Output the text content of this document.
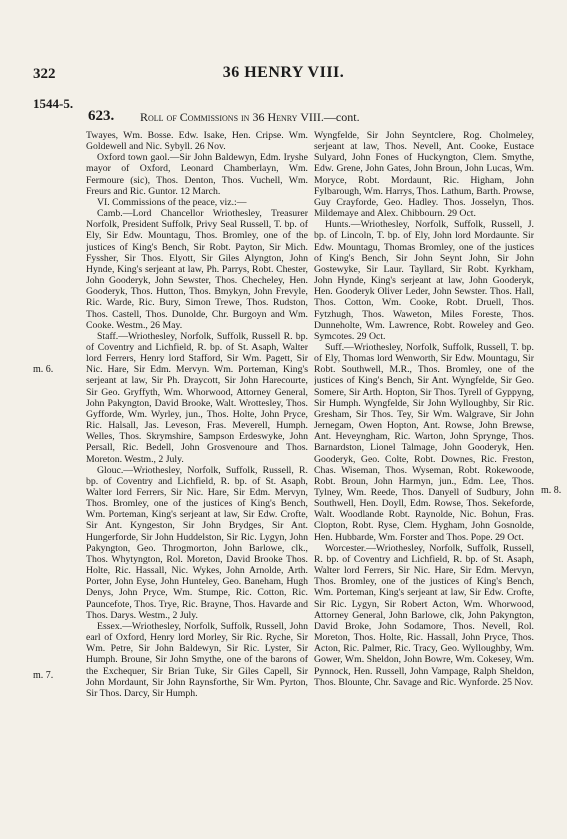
322	36 HENRY VIII.
1544-5.
623. Roll of Commissions in 36 Henry VIII.—cont.
m. 6.
m. 7.
m. 8.

Twayes, Wm. Bosse. Edw. Isake, Hen. Cripse. Wm. Goldewell and Nic. Sybyll. 26 Nov.

Oxford town gaol.—Sir John Baldewyn, Edm. Iryshe mayor of Oxford, Leonard Chamberlayn, Wm. Fermoure (sic), Thos. Denton, Thos. Vuchell, Wm. Freurs and Ric. Guntor. 12 March.

VI. Commissions of the peace, viz.:—

Camb.—Lord Chancellor Wriothesley, Treasurer Norfolk, President Suffolk, Privy Seal Russell, T. bp. of Ely, Sir Edw. Mountagu, Thos. Bromley, one of the justices of King's Bench, Sir Robt. Payton, Sir Mich. Fyssher, Sir Thos. Elyott, Sir Giles Alyngton, John Hynde, King's serjeant at law, Ph. Parrys, Robt. Chester, John Gooderyk, John Sewster, Thos. Checheley, Hen. Gooderyk, Thos. Hutton, Thos. Bmykyn, John Frevyle, Ric. Warde, Ric. Bury, Simon Trewe, Thos. Rudston, Thos. Castell, Thos. Dunolde, Chr. Burgoyn and Wm. Cooke. Westm., 26 May.

Staff.—Wriothesley, Norfolk, Suffolk, Russell R. bp. of Coventry and Lichfield, R. bp. of St. Asaph, Walter lord Ferrers, Henry lord Stafford, Sir Wm. Pagett, Sir Nic. Hare, Sir Edm. Mervyn. Wm. Porteman, King's serjeant at law, Sir Ph. Draycott, Sir John Harecourte, Sir Geo. Gryffyth, Wm. Whorwood, Attorney General, John Pakyngton, David Brooke, Walt. Wrottesley, Thos. Gyfforde, Wm. Wyrley, jun., Thos. Holte, John Pryce, Ric. Halsall, Jas. Leveson, Fras. Meverell, Humph. Welles, Thos. Skrymshire, Sampson Erdeswyke, John Persall, Ric. Bedell, John Grosvenoure and Thos. Moreton. Westm., 2 July.

Glouc.—Wriothesley, Norfolk, Suffolk, Russell, R. bp. of Coventry and Lichfield, R. bp. of St. Asaph, Walter lord Ferrers, Sir Nic. Hare, Sir Edm. Mervyn, Thos. Bromley, one of the justices of King's Bench, Wm. Porteman, King's serjeant at law, Sir Edw. Crofte, Sir Ant. Kyngeston, Sir John Brydges, Sir Ant. Hungerforde, Sir John Huddelston, Sir Ric. Lygyn, John Pakyngton, Geo. Throgmorton, John Barlowe, clk., Thos. Whytyngton, Rol. Moreton, David Brooke Thos. Holte, Ric. Hassall, Nic. Wykes, John Arnolde, Arth. Porter, John Eyse, John Hunteley, Geo. Baneham, Hugh Denys, John Pryce, Wm. Stumpe, Ric. Cotton, Ric. Pauncefote, Thos. Trye, Ric. Brayne, Thos. Havarde and Thos. Darys. Westm., 2 July.

Essex.—Wriothesley, Norfolk, Suffolk, Russell, John earl of Oxford, Henry lord Morley, Sir Ric. Ryche, Sir Wm. Petre, Sir John Baldewyn, Sir Ric. Lyster, Sir Humph. Broune, Sir John Smythe, one of the barons of the Exchequer, Sir Brian Tuke, Sir Giles Capell, Sir John Mordaunt, Sir John Raynsforthe, Sir Wm. Pyrton, Sir Thos. Darcy, Sir Humph.

Wyngfelde, Sir John Seyntclere, Rog. Cholmeley, serjeant at law, Thos. Nevell, Ant. Cooke, Eustace Sulyard, John Fones of Huckyngton, Clem. Smythe, Edw. Grene, John Gates, John Broun, John Lucas, Wm. Moryce, Robt. Mordaunt, Ric. Higham, John Fylbarough, Wm. Harrys, Thos. Lathum, Barth. Prowse, Guy Crayforde, Geo. Hadley. Thos. Josselyn, Thos. Mildemaye and Alex. Chibbourn. 29 Oct.

Hunts.—Wriothesley, Norfolk, Suffolk, Russell, J. bp. of Lincoln, T. bp. of Ely, John lord Mordaunte. Sir Edw. Mountagu, Thomas Bromley, one of the justices of King's Bench, Sir John Seynt John, Sir John Gostewyke, Sir Laur. Tayllard, Sir Robt. Kyrkham, John Hynde, King's serjeant at law, John Gooderyk, Hen. Gooderyk Oliver Leder, John Sewster. Thos. Hall, Thos. Cotton, Wm. Cooke, Robt. Druell, Thos. Fytzhugh, Thos. Waweton, Miles Foreste, Thos. Dunneholte, Wm. Lawrence, Robt. Roweley and Geo. Symcotes. 29 Oct.

Suff.—Wriothesley, Norfolk, Suffolk, Russell, T. bp. of Ely, Thomas lord Wenworth, Sir Edw. Mountagu, Sir Robt. Southwell, M.R., Thos. Bromley, one of the justices of King's Bench, Sir Ant. Wyngfelde, Sir Geo. Somere, Sir Arth. Hopton, Sir Thos. Tyrell of Gyppyng, Sir Humph. Wyngfelde, Sir John Wylloughby, Sir Ric. Gresham, Sir Thos. Tey, Sir Wm. Walgrave, Sir John Jernegam, Owen Hopton, Ant. Rowse, John Brewse, Ant. Heveyngham, Ric. Warton, John Sprynge, Thos. Barnardston, Lionel Talmage, John Gooderyk, Hen. Gooderyk, Geo. Colte, Robt. Downes, Ric. Freston, Chas. Wiseman, Thos. Wyseman, Robt. Rokewoode, Robt. Broun, John Harmyn, jun., Edm. Lee, Thos. Tylney, Wm. Reede, Thos. Danyell of Sudbury, John Southwell, Hen. Doyll, Edm. Rowse, Thos. Sekeforde, Walt. Woodlande Robt. Raynolde, Nic. Bohun, Fras. Clopton, Robt. Ryse, Clem. Hygham, John Gosnolde, Hen. Hubbarde, Wm. Forster and Thos. Pope. 29 Oct.

Worcester.—Wriothesley, Norfolk, Suffolk, Russell, R. bp. of Coventry and Lichfield, R. bp. of St. Asaph, Walter lord Ferrers, Sir Nic. Hare, Sir Edm. Mervyn, Thos. Bromley, one of the justices of King's Bench, Wm. Porteman, King's serjeant at law, Sir Edw. Crofte, Sir Ric. Lygyn, Sir Robert Acton, Wm. Whorwood, Attorney General, John Barlowe, clk, John Pakyngton, David Broke, John Sodamore, Thos. Nevell, Rol. Moreton, Thos. Holte, Ric. Hassall, John Pryce, Thos. Acton, Ric. Palmer, Ric. Tracy, Geo. Wylloughby, Wm. Gower, Wm. Sheldon, John Bowre, Wm. Cokesey, Wm. Pynnock, Hen. Russell, John Vampage, Ralph Sheldon, Thos. Blounte, Chr. Savage and Ric. Wynforde. 25 Nov.
